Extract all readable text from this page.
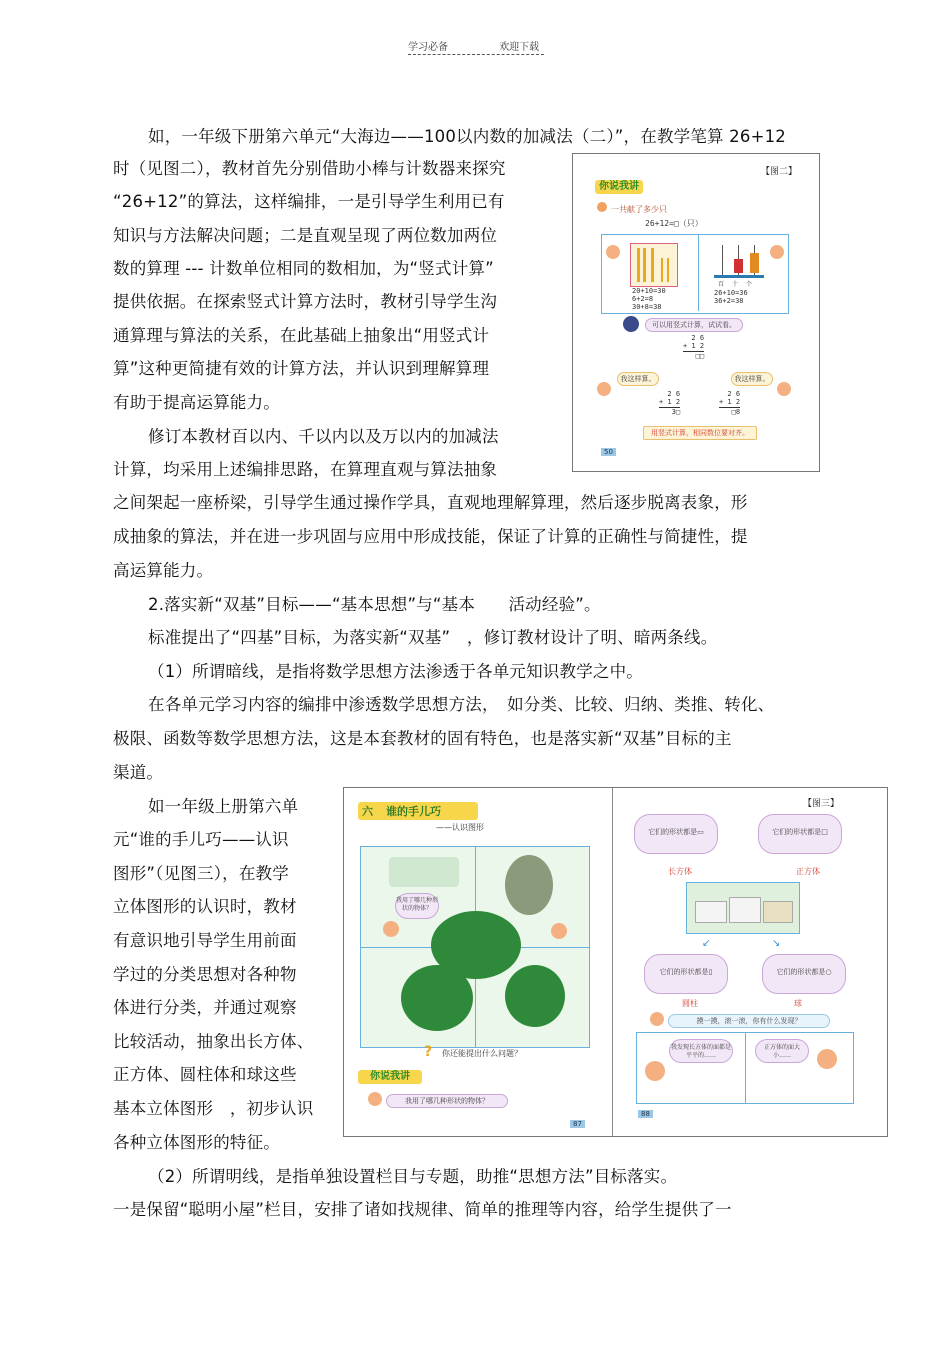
学习必备	欢迎下载
如，一年级下册第六单元“大海边——100以内数的加减法（二）”，在教学笔算 26+12
时（见图二），教材首先分别借助小棒与计数器来探究
“26+12”的算法，这样编排，一是引导学生利用已有
知识与方法解决问题；二是直观呈现了两位数加两位
数的算理 --- 计数单位相同的数相加，为“竖式计算”
提供依据。在探索竖式计算方法时，教材引导学生沟
通算理与算法的关系，在此基础上抽象出“用竖式计
算”这种更简捷有效的计算方法，并认识到理解算理
有助于提高运算能力。
修订本教材百以内、千以内以及万以内的加减法
计算，均采用上述编排思路，在算理直观与算法抽象
之间架起一座桥梁，引导学生通过操作学具，直观地理解算理，然后逐步脱离表象，形
成抽象的算法，并在进一步巩固与应用中形成技能，保证了计算的正确性与简捷性，提
高运算能力。
2.落实新“双基”目标——“基本思想”与“基本　　活动经验”。
标准提出了“四基”目标，为落实新“双基”　，修订教材设计了明、暗两条线。
（1）所谓暗线，是指将数学思想方法渗透于各单元知识教学之中。
在各单元学习内容的编排中渗透数学思想方法，　如分类、比较、归纳、类推、转化、
极限、函数等数学思想方法，这是本套教材的固有特色，也是落实新“双基”目标的主
渠道。
如一年级上册第六单
元“谁的手儿巧——认识
图形”（见图三），在教学
立体图形的认识时，教材
有意识地引导学生用前面
学过的分类思想对各种物
体进行分类，并通过观察
比较活动，抽象出长方体、
正方体、圆柱体和球这些
基本立体图形　，初步认识
各种立体图形的特征。
（2）所谓明线，是指单独设置栏目与专题，助推“思想方法”目标落实。
一是保留“聪明小屋”栏目，安排了诸如找规律、简单的推理等内容，给学生提供了一
【图二】
你说我讲
一共献了多少只
26+12=□（只）
20+10=30
6+2=8
30+8=38
百十个
26+10=36
36+2=38
可以用竖式计算，试试看。
2 6
+ 1 2
□□
我这样算。	我这样算。
2 6
+ 1 2
3□
2 6
+ 1 2
□8
用竖式计算，相同数位要对齐。
50
【图三】
六 谁的手儿巧
——认识图形
我用了哪几种形状的物体？
?	你还能提出什么问题？
你说我讲
我用了哪几种形状的物体？
87
它们的形状都是▭
长方体
它们的形状都是□
正方体
↙	↘
它们的形状都是▯
圆柱
它们的形状都是○
球
摸一摸，滚一滚，你有什么发现？
我发现长方体的面都是平平的……
正方体的面大小……
88
